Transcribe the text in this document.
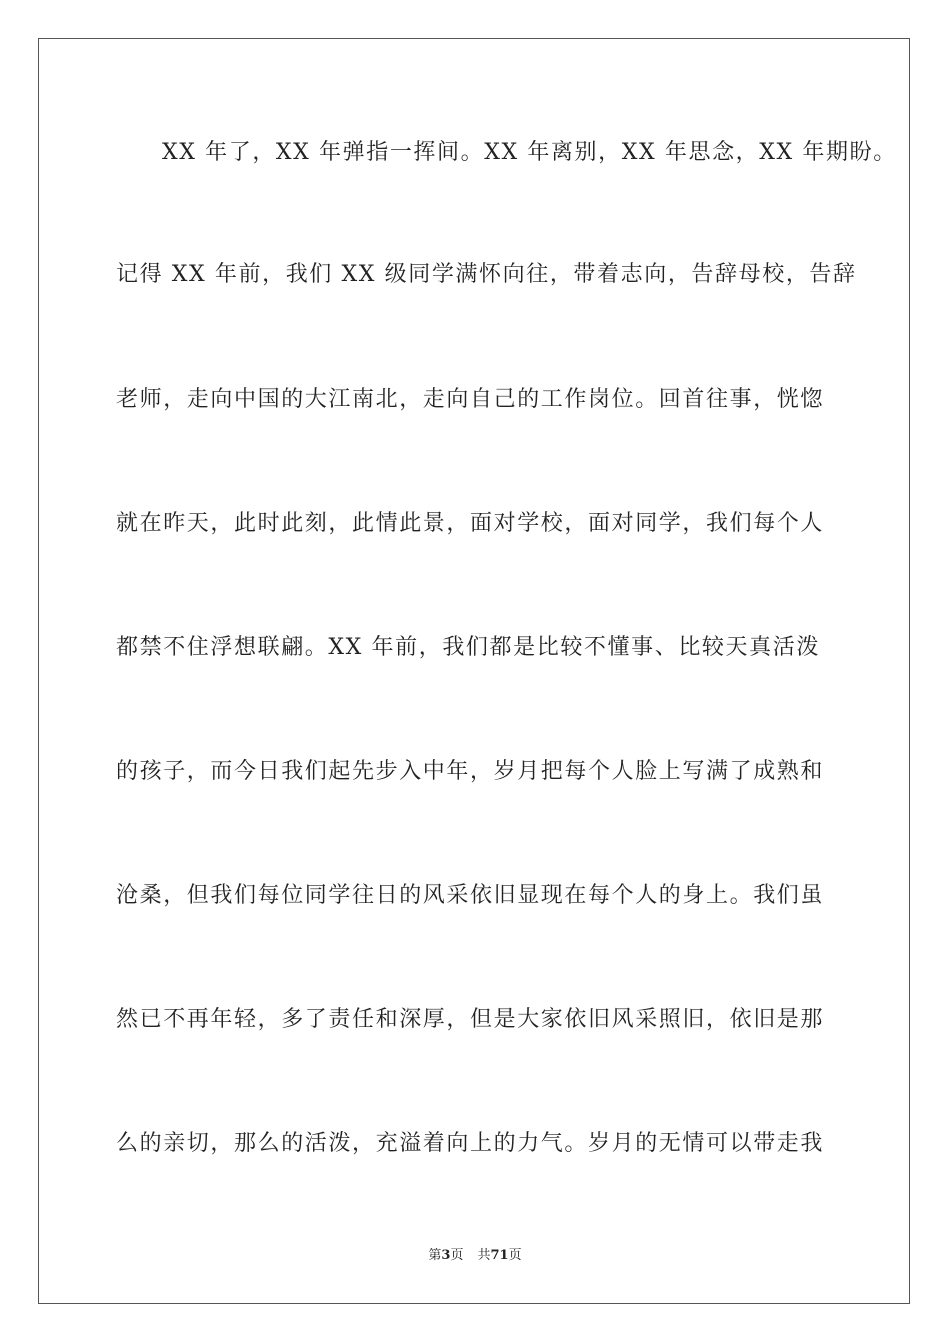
XX 年了，XX 年弹指一挥间。XX 年离别，XX 年思念，XX 年期盼。
记得 XX 年前，我们 XX 级同学满怀向往，带着志向，告辞母校，告辞
老师，走向中国的大江南北，走向自己的工作岗位。回首往事，恍惚
就在昨天，此时此刻，此情此景，面对学校，面对同学，我们每个人
都禁不住浮想联翩。XX 年前，我们都是比较不懂事、比较天真活泼
的孩子，而今日我们起先步入中年，岁月把每个人脸上写满了成熟和
沧桑，但我们每位同学往日的风采依旧显现在每个人的身上。我们虽
然已不再年轻，多了责任和深厚，但是大家依旧风采照旧，依旧是那
么的亲切，那么的活泼，充溢着向上的力气。岁月的无情可以带走我
第3页 共71页
